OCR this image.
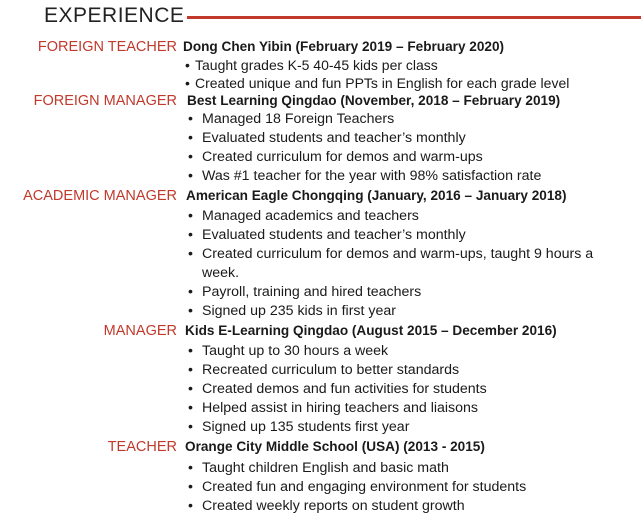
EXPERIENCE
FOREIGN TEACHER Dong Chen Yibin (February 2019 – February 2020)
• Taught grades K-5 40-45 kids per class
• Created unique and fun PPTs in English for each grade level
FOREIGN MANAGER Best Learning Qingdao (November, 2018 – February 2019)
• Managed 18 Foreign Teachers
• Evaluated students and teacher’s monthly
• Created curriculum for demos and warm-ups
• Was #1 teacher for the year with 98% satisfaction rate
ACADEMIC MANAGER American Eagle Chongqing (January, 2016 – January 2018)
• Managed academics and teachers
• Evaluated students and teacher’s monthly
• Created curriculum for demos and warm-ups, taught 9 hours a week.
• Payroll, training and hired teachers
• Signed up 235 kids in first year
MANAGER Kids E-Learning Qingdao (August 2015 – December 2016)
• Taught up to 30 hours a week
• Recreated curriculum to better standards
• Created demos and fun activities for students
• Helped assist in hiring teachers and liaisons
• Signed up 135 students first year
TEACHER Orange City Middle School (USA) (2013 - 2015)
• Taught children English and basic math
• Created fun and engaging environment for students
• Created weekly reports on student growth
